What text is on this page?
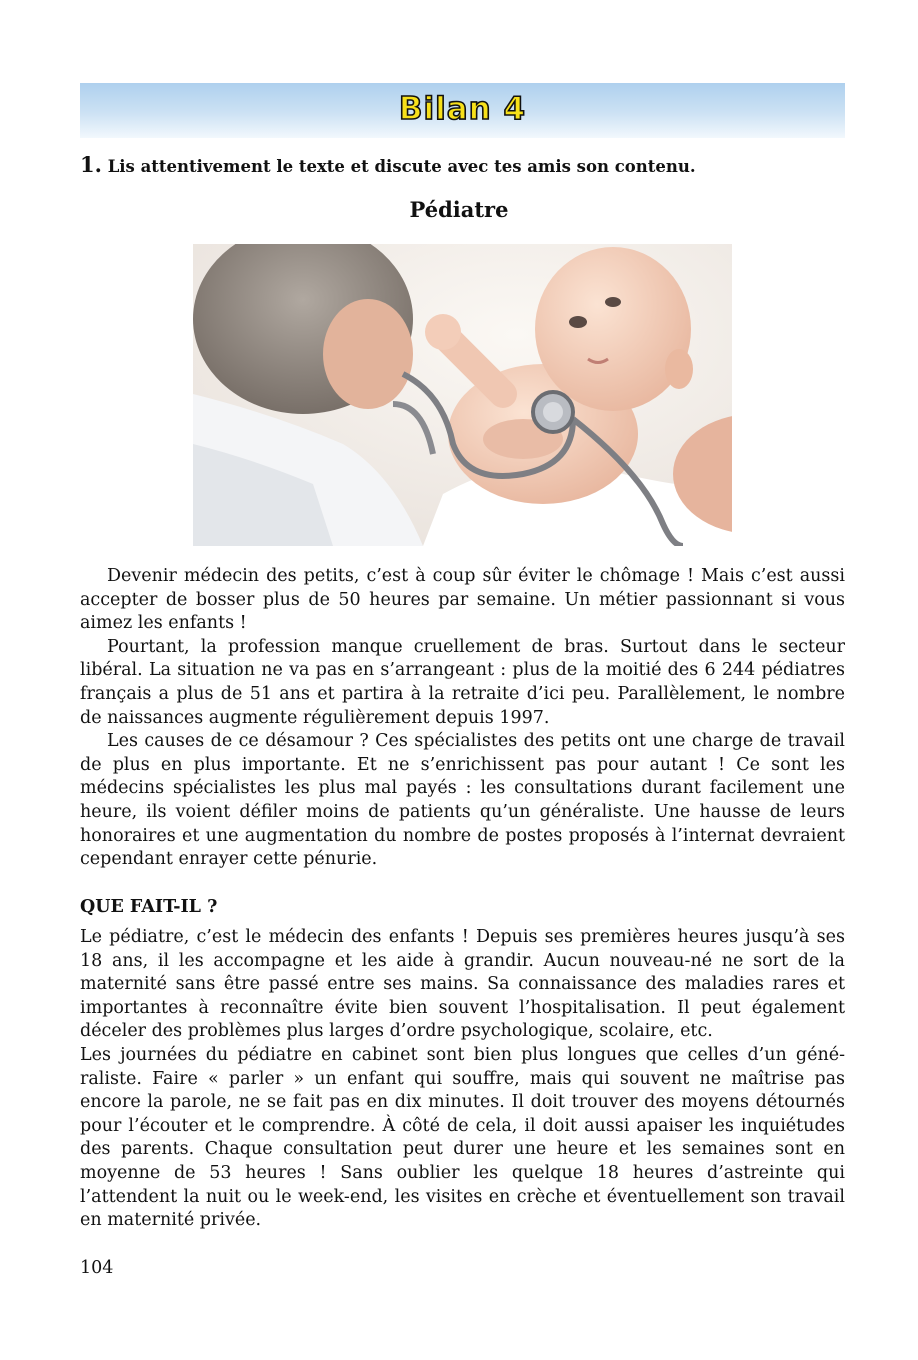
Bilan 4
1. Lis attentivement le texte et discute avec tes amis son contenu.
Pédiatre

Devenir médecin des petits, c’est à coup sûr éviter le chômage ! Mais c’est aussi accepter de bosser plus de 50 heures par semaine. Un métier passionnant si vous aimez les enfants !

Pourtant, la profession manque cruellement de bras. Surtout dans le secteur libéral. La situation ne va pas en s’arrangeant : plus de la moitié des 6 244 pédiatres français a plus de 51 ans et partira à la retraite d’ici peu. Parallèlement, le nombre de naissances augmente régulièrement depuis 1997.

Les causes de ce désamour ? Ces spécialistes des petits ont une charge de travail de plus en plus importante. Et ne s’enrichissent pas pour autant ! Ce sont les médecins spécialistes les plus mal payés : les consultations durant facilement une heure, ils voient défiler moins de patients qu’un généraliste. Une hausse de leurs honoraires et une augmentation du nombre de postes proposés à l’internat devraient cependant enrayer cette pénurie.

QUE FAIT-IL ?

Le pédiatre, c’est le médecin des enfants ! Depuis ses premières heures jusqu’à ses 18 ans, il les accompagne et les aide à grandir. Aucun nouveau-né ne sort de la maternité sans être passé entre ses mains. Sa connaissance des maladies rares et importantes à reconnaître évite bien souvent l’hospitalisation. Il peut également déceler des problèmes plus larges d’ordre psychologique, scolaire, etc.

Les journées du pédiatre en cabinet sont bien plus longues que celles d’un généraliste. Faire « parler » un enfant qui souffre, mais qui souvent ne maîtrise pas encore la parole, ne se fait pas en dix minutes. Il doit trouver des moyens détournés pour l’écouter et le comprendre. À côté de cela, il doit aussi apaiser les inquiétudes des parents. Chaque consultation peut durer une heure et les semaines sont en moyenne de 53 heures ! Sans oublier les quelque 18 heures d’astreinte qui l’attendent la nuit ou le week-end, les visites en crèche et éventuellement son travail en maternité privée.

104
